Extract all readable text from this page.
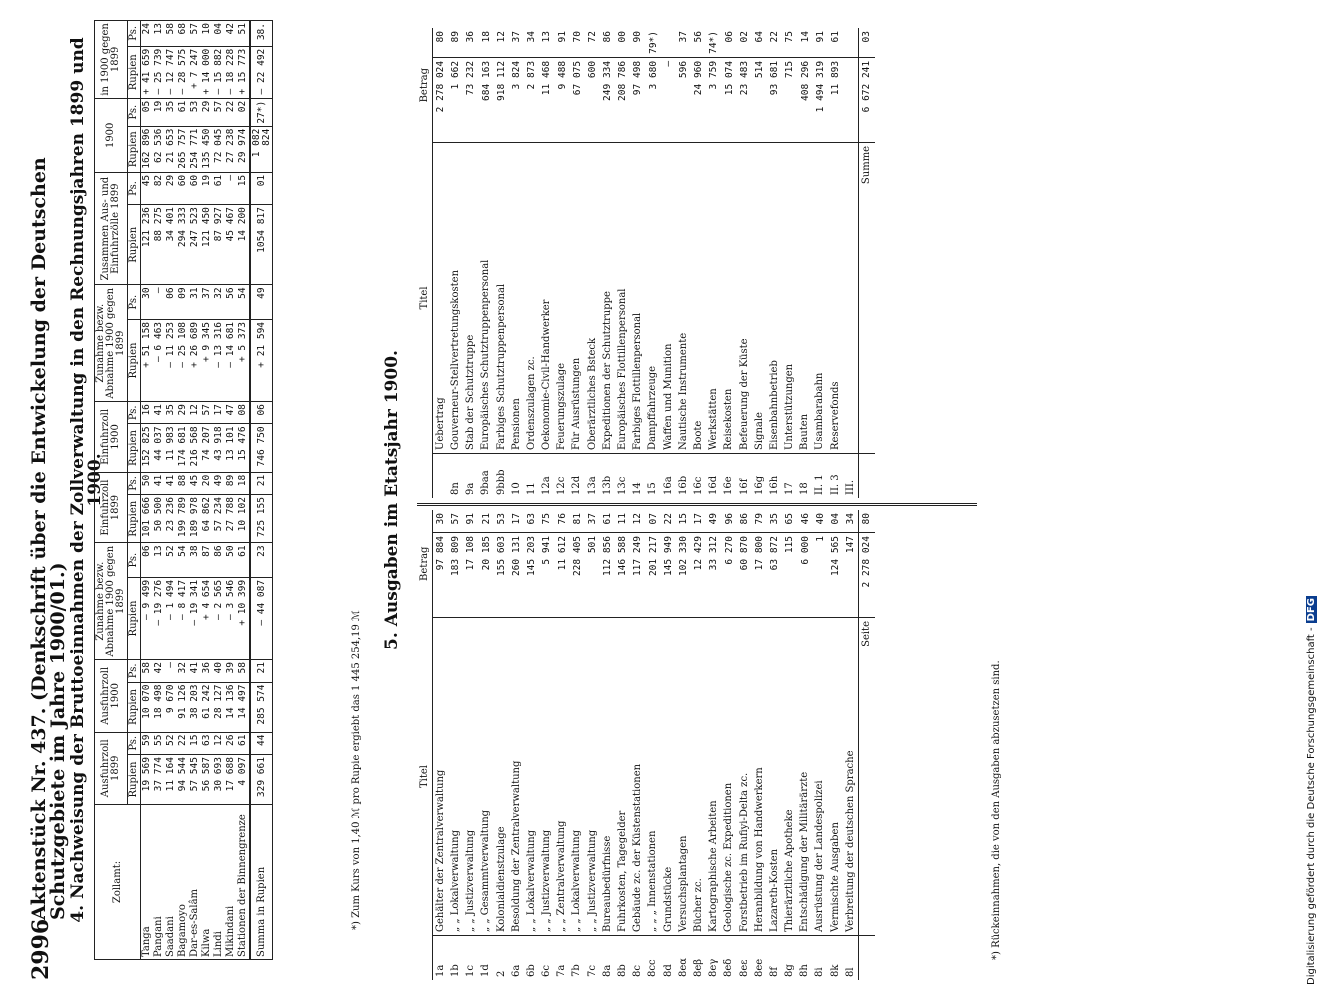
2996
Aktenstück Nr. 437. (Denkschrift über die Entwickelung der Deutschen Schutzgebiete im Jahre 1900/01.) 4. Nachweisung der Bruttoeinnahmen der Zollverwaltung in den Rechnungsjahren 1899 und 1900.
Zollamt:	Ausfuhrzoll 1899		Ausfuhrzoll 1900		Zunahme bezw. Abnahme 1900 gegen 1899		Einfuhrzoll 1899		Einfuhrzoll 1900		Zunahme bezw. Abnahme 1900 gegen 1899		Zusammen Aus- und Einfuhrzölle 1899		1900		in 1900 gegen 1899	
	Rupien	Ps.	Rupien	Ps.	Rupien	Ps.	Rupien	Ps.	Rupien	Ps.	Rupien	Ps.	Rupien	Ps.	Rupien	Ps.	Rupien	Ps.
Tanga	19 569	59	10 070	58	— 9 499	06	101 666	50	152 825	16	+ 51 158	30	121 236	45	162 896	05	+ 41 659	24
Pangani	37 774	55	18 498	42	— 19 276	13	50 500	41	44 037	41	— 6 463	—	88 275	82	62 536	19	— 25 739	13
Saadani	11 164	52	9 670	—	— 1 494	52	23 236	41	11 983	35	— 11 253	06	34 401	29	21 653	35	— 12 747	58
Bagamoyo	94 544	22	91 126	32	— 8 417	54	199 789	88	174 681	29	— 25 108	09	294 333	60	265 757	61	— 28 575	68
Dar-es-Salâm	57 545	15	38 203	41	— 19 341	38	189 978	45	216 568	12	+ 26 689	31	247 523	60	254 771	53	+ 7 247	57
Kilwa	56 587	63	61 242	36	+ 4 654	87	64 862	20	74 207	57	+ 9 345	37	121 450	19	135 450	29	+ 14 000	10
Lindi	30 693	12	28 127	40	— 2 565	86	57 234	49	43 918	17	— 13 316	32	87 927	61	72 045	57	— 15 882	04
Mikindani	17 688	26	14 136	39	— 3 546	50	27 788	89	13 101	47	— 14 681	56	45 467	—	27 238	22	— 18 228	42
Stationen der Binnengrenze	4 097	61	14 497	58	+ 10 399	61	10 102	18	15 476	08	+ 5 373	54	14 200	15	29 974	02	+ 15 773	51
Summa in Rupien	329 661	44	285 574	21	— 44 087	23	725 155	21	746 750	06	+ 21 594	49	1054 817	01	1 082 824	27*)	— 22 492	38.
*) Zum Kurs von 1,40 ℳ pro Rupie ergiebt das 1 445 254,19 ℳ
5. Ausgaben im Etatsjahr 1900.
	Titel	Betrag	
1a	Gehälter der Zentralverwaltung	97 884	30
1b	„ „ Lokalverwaltung	183 809	57
1c	„ „ Justizverwaltung	17 108	91
1d	„ „ Gesammtverwaltung	20 185	21
2	Kolonialdienstzulage	155 603	53
6a	Besoldung der Zentralverwaltung	260 131	17
6b	„ „ Lokalverwaltung	145 203	63
6c	„ „ Justizverwaltung	5 941	75
7a	„ „ Zentralverwaltung	11 612	76
7b	„ „ Lokalverwaltung	228 405	81
7c	„ „ Justizverwaltung	501	37
8a	Bureaubedürfnisse	112 856	61
8b	Fuhrkosten, Tagegelder	146 588	11
8c	Gebäude zc. der Küstenstationen	117 249	12
8cc	„ „ „ Innenstationen	201 217	07
8d	Grundstücke	145 949	22
8eα	Versuchsplantagen	102 330	15
8eβ	Bücher zc.	12 429	17
8eγ	Kartographische Arbeiten	33 312	49
8eδ	Geologische zc. Expeditionen	6 270	96
8eε	Forstbetrieb im Rufiyi-Delta zc.	60 870	86
8ee	Heranbildung von Handwerkern	17 800	79
8f	Lazareth-Kosten	63 872	35
8g	Thierärztliche Apotheke	115	65
8h	Entschädigung der Militärärzte	6 000	46
8i	Ausrüstung der Landespolizei	1	40
8k	Vermischte Ausgaben	124 565	04
8l	Verbreitung der deutschen Sprache	147	34
	Seite	2 278 024	80
	Titel	Betrag	
	Uebertrag	2 278 024	80
8n	Gouverneur-Stellvertretungskosten	1 662	89
9a	Stab der Schutztruppe	73 232	36
9baa	Europäisches Schutztruppenpersonal	684 163	18
9bbb	Farbiges Schutztruppenpersonal	918 112	12
10	Pensionen	3 824	37
11	Ordenszulagen zc.	2 873	34
12a	Oekonomie-Civil-Handwerker	11 468	13
12c	Feuerungszulage	9 488	91
12d	Für Ausrüstungen	67 075	70
13a	Oberärztliches Bsteck	600	72
13b	Expeditionen der Schutztruppe	249 334	86
13c	Europäisches Flottillenpersonal	208 786	00
14	Farbiges Flottillenpersonal	97 498	90
15	Dampffahrzeuge	3 680	79*)
16a	Waffen und Munition	—	
16b	Nautische Instrumente	596	37
16c	Boote	24 960	56
16d	Werkstätten	3 759	74*)
16e	Reisekosten	15 074	06
16f	Befeuerung der Küste	23 483	02
16g	Signale	514	64
16h	Eisenbahnbetrieb	93 681	22
17	Unterstützungen	715	75
18	Bauten	408 296	14
II. 1	Usambarabahn	1 494 319	91
II. 3	Reservefonds	11 893	61
III.			
	Summe	6 672 241	03
*) Rückeinnahmen, die von den Ausgaben abzusetzen sind.	Digitalisierung gefördert durch die Deutsche Forschungsgemeinschaft -DFG
